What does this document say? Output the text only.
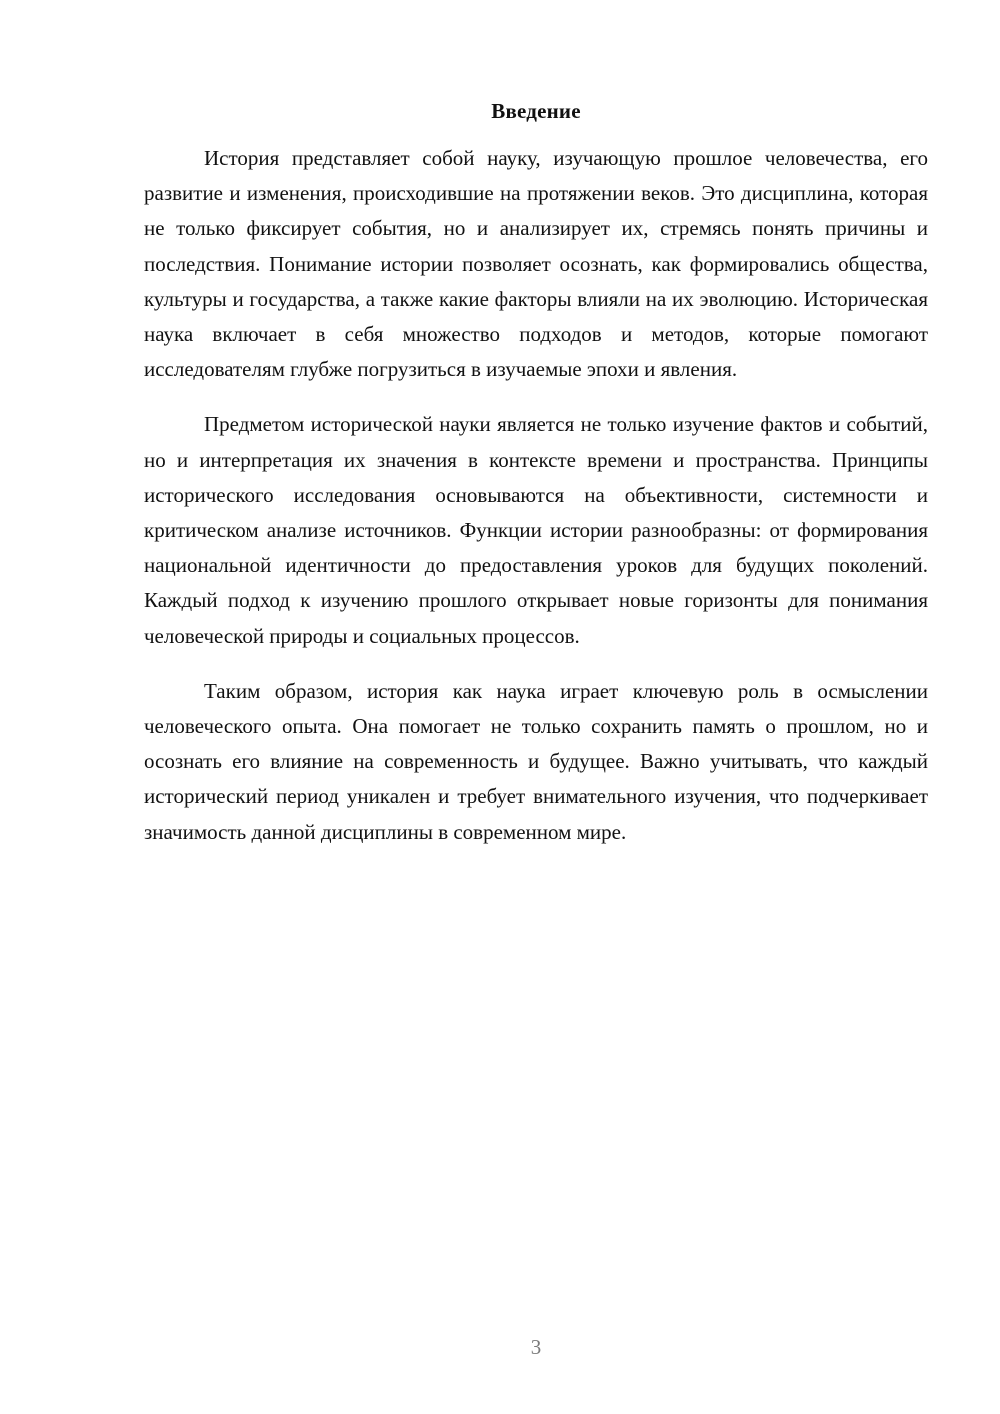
Введение

История представляет собой науку, изучающую прошлое человечества, его развитие и изменения, происходившие на протяжении веков. Это дисциплина, которая не только фиксирует события, но и анализирует их, стремясь понять причины и последствия. Понимание истории позволяет осознать, как формировались общества, культуры и государства, а также какие факторы влияли на их эволюцию. Историческая наука включает в себя множество подходов и методов, которые помогают исследователям глубже погрузиться в изучаемые эпохи и явления.

Предметом исторической науки является не только изучение фактов и событий, но и интерпретация их значения в контексте времени и пространства. Принципы исторического исследования основываются на объективности, системности и критическом анализе источников. Функции истории разнообразны: от формирования национальной идентичности до предоставления уроков для будущих поколений. Каждый подход к изучению прошлого открывает новые горизонты для понимания человеческой природы и социальных процессов.

Таким образом, история как наука играет ключевую роль в осмыслении человеческого опыта. Она помогает не только сохранить память о прошлом, но и осознать его влияние на современность и будущее. Важно учитывать, что каждый исторический период уникален и требует внимательного изучения, что подчеркивает значимость данной дисциплины в современном мире.

3
